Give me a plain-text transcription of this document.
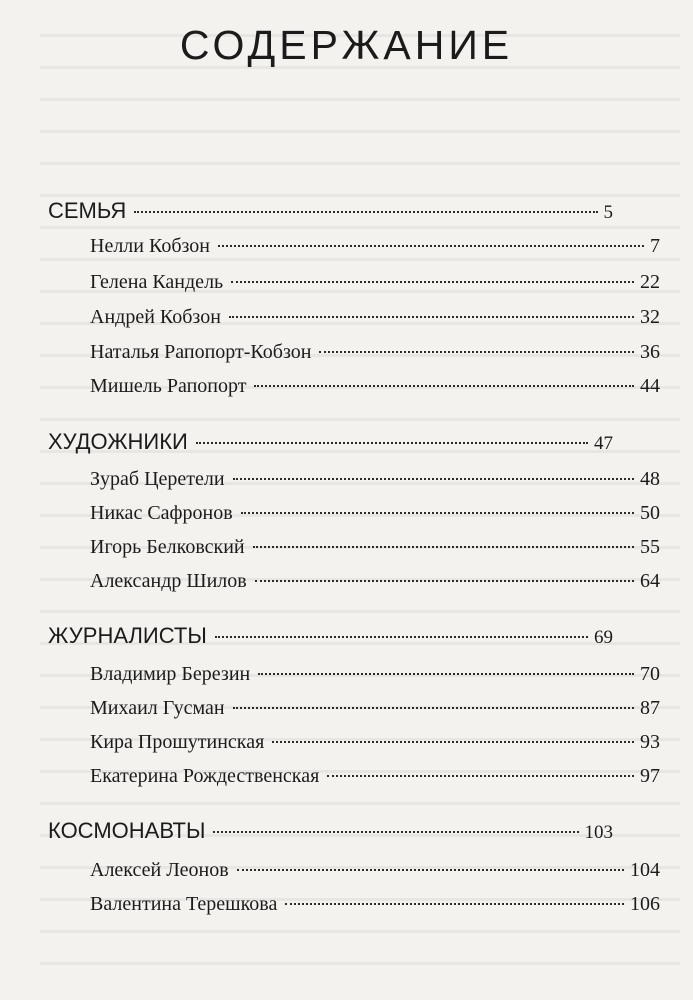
СОДЕРЖАНИЕ
СЕМЬЯ	5
Нелли Кобзон	7
Гелена Кандель	22
Андрей Кобзон	32
Наталья Рапопорт-Кобзон	36
Мишель Рапопорт	44
ХУДОЖНИКИ	47
Зураб Церетели	48
Никас Сафронов	50
Игорь Белковский	55
Александр Шилов	64
ЖУРНАЛИСТЫ	69
Владимир Березин	70
Михаил Гусман	87
Кира Прошутинская	93
Екатерина Рождественская	97
КОСМОНАВТЫ	103
Алексей Леонов	104
Валентина Терешкова	106
